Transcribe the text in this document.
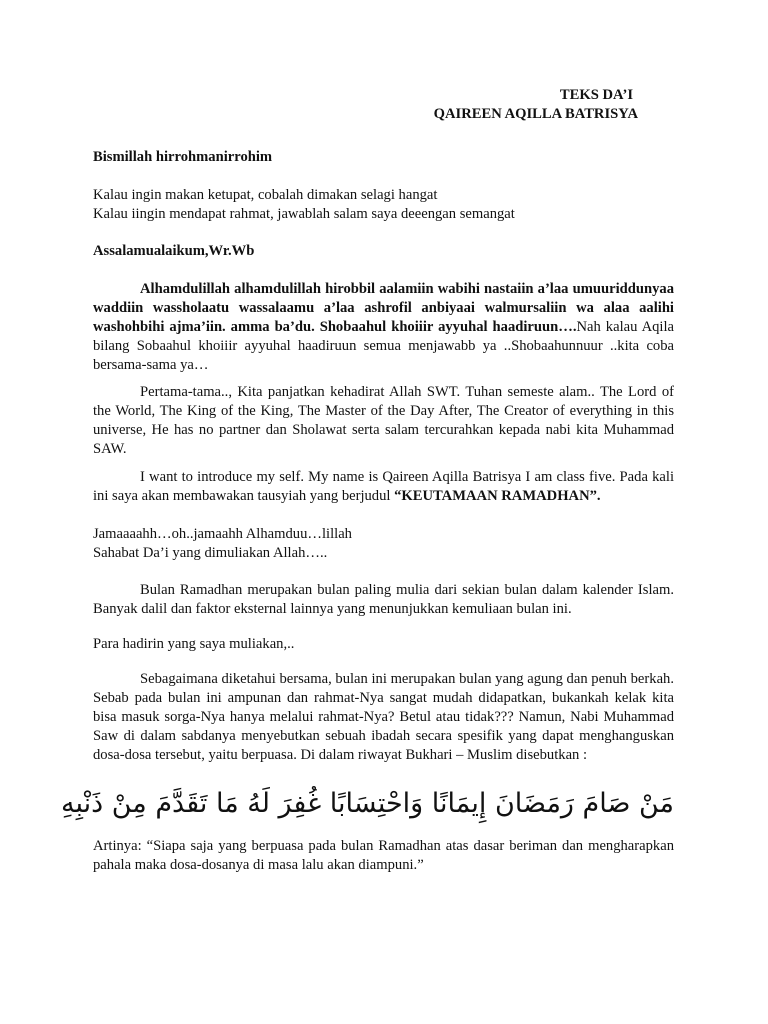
TEKS DA’I
QAIREEN AQILLA BATRISYA

Bismillah hirrohmanirrohim

Kalau ingin makan ketupat, cobalah dimakan selagi hangat

Kalau iingin mendapat rahmat, jawablah salam saya deeengan semangat

Assalamualaikum,Wr.Wb

Alhamdulillah alhamdulillah hirobbil aalamiin wabihi nastaiin a’laa umuuriddunyaa waddiin wassholaatu wassalaamu a’laa ashrofil anbiyaai walmursaliin wa alaa aalihi washohbihi ajma’iin. amma ba’du. Shobaahul khoiiir ayyuhal haadiruun….Nah kalau Aqila bilang Sobaahul khoiiir ayyuhal haadiruun semua menjawabb ya ..Shobaahunnuur ..kita coba bersama-sama ya…

Pertama-tama.., Kita panjatkan kehadirat Allah SWT. Tuhan semeste alam.. The Lord of the World, The King of the King, The Master of the Day After, The Creator of everything in this universe, He has no partner dan Sholawat serta salam tercurahkan kepada nabi kita Muhammad SAW.

I want to introduce my self. My name is Qaireen Aqilla Batrisya I am class five. Pada kali ini saya akan membawakan tausyiah yang berjudul “KEUTAMAAN RAMADHAN”.

Jamaaaahh…oh..jamaahh Alhamduu…lillah

Sahabat Da’i yang dimuliakan Allah…..

Bulan Ramadhan merupakan bulan paling mulia dari sekian bulan dalam kalender Islam. Banyak dalil dan faktor eksternal lainnya yang menunjukkan kemuliaan bulan ini.

Para hadirin yang saya muliakan,..

Sebagaimana diketahui bersama, bulan ini merupakan bulan yang agung dan penuh berkah. Sebab pada bulan ini ampunan dan rahmat-Nya sangat mudah didapatkan, bukankah kelak kita bisa masuk sorga-Nya hanya melalui rahmat-Nya? Betul atau tidak??? Namun, Nabi Muhammad Saw di dalam sabdanya menyebutkan sebuah ibadah secara spesifik yang dapat menghanguskan dosa-dosa tersebut, yaitu berpuasa. Di dalam riwayat Bukhari – Muslim disebutkan :

مَنْ صَامَ رَمَضَانَ إِيمَانًا وَاحْتِسَابًا غُفِرَ لَهُ مَا تَقَدَّمَ مِنْ ذَنْبِهِ

Artinya: “Siapa saja yang berpuasa pada bulan Ramadhan atas dasar beriman dan mengharapkan pahala maka dosa-dosanya di masa lalu akan diampuni.”
